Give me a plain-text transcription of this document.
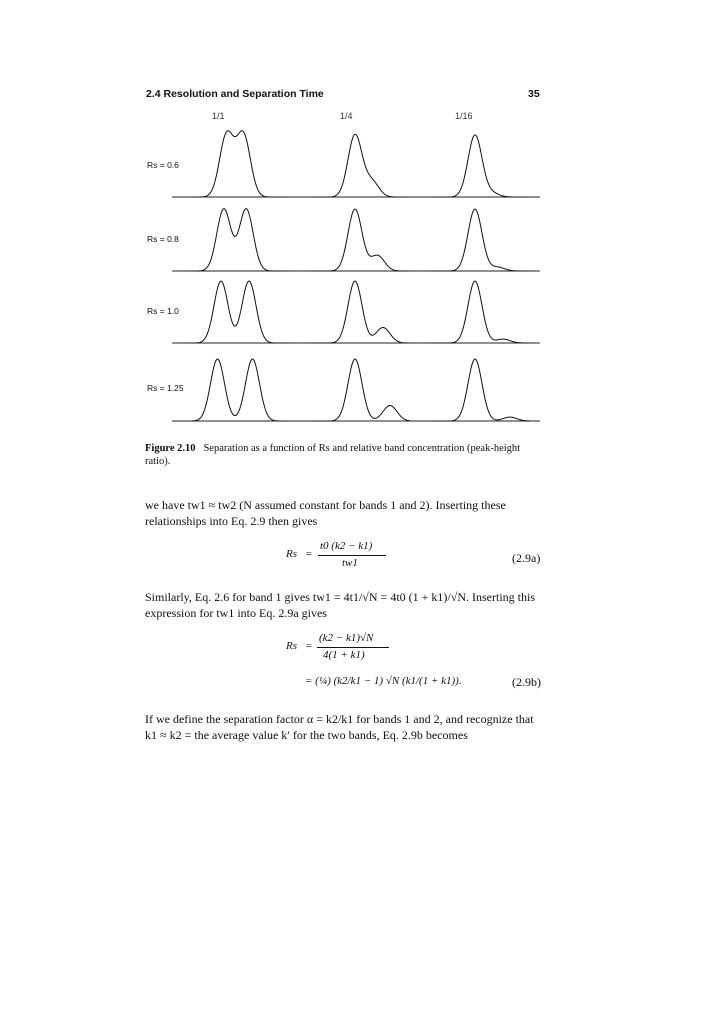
2.4 Resolution and Separation Time	35
1/1	1/4	1/16
Rs = 0.6
Rs = 0.8
Rs = 1.0
Rs = 1.25
Figure 2.10 Separation as a function of Rs and relative band concentration (peak-height ratio).
we have tw1 ≈ tw2 (N assumed constant for bands 1 and 2). Inserting these relationships into Eq. 2.9 then gives
Rs =
t0 (k2 − k1)
tw1	(2.9a)
Similarly, Eq. 2.6 for band 1 gives tw1 = 4t1/√N = 4t0 (1 + k1)/√N. Inserting this expression for tw1 into Eq. 2.9a gives
Rs =
(k2 − k1)√N
4(1 + k1)
= (¼) (k2/k1 − 1) √N (k1/(1 + k1)).	(2.9b)
If we define the separation factor α = k2/k1 for bands 1 and 2, and recognize that k1 ≈ k2 = the average value k′ for the two bands, Eq. 2.9b becomes
